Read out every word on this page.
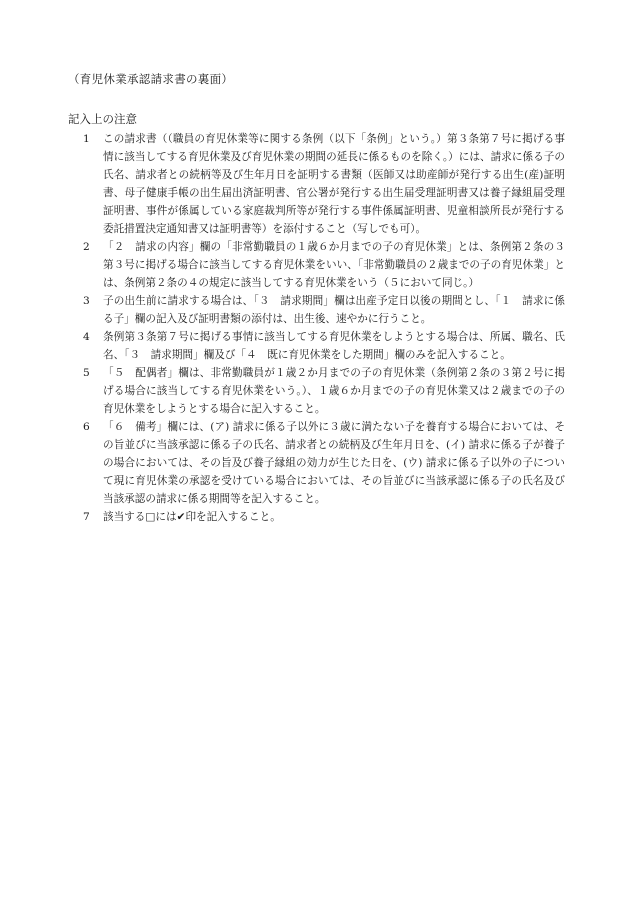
（育児休業承認請求書の裏面）
記入上の注意
1	この請求書（（職員の育児休業等に関する条例（以下「条例」という。）第３条第７号に掲げる事情に該当してする育児休業及び育児休業の期間の延長に係るものを除く。）には、請求に係る子の氏名、請求者との続柄等及び生年月日を証明する書類（医師又は助産師が発行する出生(産)証明書、母子健康手帳の出生届出済証明書、官公署が発行する出生届受理証明書又は養子縁組届受理証明書、事件が係属している家庭裁判所等が発行する事件係属証明書、児童相談所長が発行する委託措置決定通知書又は証明書等）を添付すること（写しでも可）。
2	「２　請求の内容」欄の「非常勤職員の１歳６か月までの子の育児休業」とは、条例第２条の３第３号に掲げる場合に該当してする育児休業をいい、「非常勤職員の２歳までの子の育児休業」とは、条例第２条の４の規定に該当してする育児休業をいう（５において同じ。）
3	子の出生前に請求する場合は、「３　請求期間」欄は出産予定日以後の期間とし、「１　請求に係る子」欄の記入及び証明書類の添付は、出生後、速やかに行うこと。
4	条例第３条第７号に掲げる事情に該当してする育児休業をしようとする場合は、所属、職名、氏名、「３　請求期間」欄及び「４　既に育児休業をした期間」欄のみを記入すること。
5	「５　配偶者」欄は、非常勤職員が１歳２か月までの子の育児休業（条例第２条の３第２号に掲げる場合に該当してする育児休業をいう。）、１歳６か月までの子の育児休業又は２歳までの子の育児休業をしようとする場合に記入すること。
6	「６　備考」欄には、(ア) 請求に係る子以外に３歳に満たない子を養育する場合においては、その旨並びに当該承認に係る子の氏名、請求者との続柄及び生年月日を、(イ) 請求に係る子が養子の場合においては、その旨及び養子縁組の効力が生じた日を、(ウ) 請求に係る子以外の子について現に育児休業の承認を受けている場合においては、その旨並びに当該承認に係る子の氏名及び当該承認の請求に係る期間等を記入すること。
7	該当する□には✔印を記入すること。
